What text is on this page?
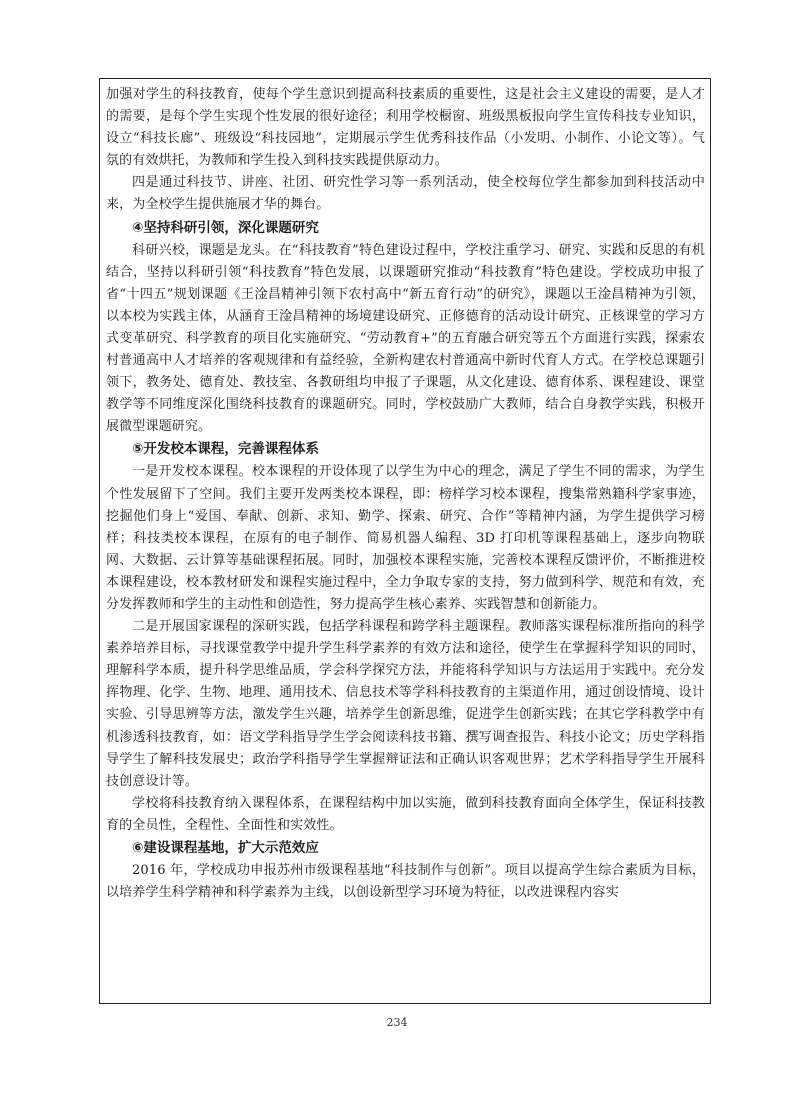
加强对学生的科技教育，使每个学生意识到提高科技素质的重要性，这是社会主义建设的需要，是人才的需要，是每个学生实现个性发展的很好途径；利用学校橱窗、班级黑板报向学生宣传科技专业知识，设立“科技长廊”、班级设“科技园地”，定期展示学生优秀科技作品（小发明、小制作、小论文等）。气氛的有效烘托，为教师和学生投入到科技实践提供原动力。

四是通过科技节、讲座、社团、研究性学习等一系列活动，使全校每位学生都参加到科技活动中来，为全校学生提供施展才华的舞台。

④坚持科研引领，深化课题研究

科研兴校，课题是龙头。在“科技教育”特色建设过程中，学校注重学习、研究、实践和反思的有机结合，坚持以科研引领“科技教育”特色发展，以课题研究推动“科技教育”特色建设。学校成功申报了省“十四五”规划课题《王淦昌精神引领下农村高中“新五育行动”的研究》，课题以王淦昌精神为引领，以本校为实践主体，从涵育王淦昌精神的场境建设研究、正修德育的活动设计研究、正核课堂的学习方式变革研究、科学教育的项目化实施研究、“劳动教育+”的五育融合研究等五个方面进行实践，探索农村普通高中人才培养的客观规律和有益经验，全新构建农村普通高中新时代育人方式。在学校总课题引领下，教务处、德育处、教技室、各教研组均申报了子课题，从文化建设、德育体系、课程建设、课堂教学等不同维度深化围绕科技教育的课题研究。同时，学校鼓励广大教师，结合自身教学实践，积极开展微型课题研究。

⑤开发校本课程，完善课程体系

一是开发校本课程。校本课程的开设体现了以学生为中心的理念，满足了学生不同的需求，为学生个性发展留下了空间。我们主要开发两类校本课程，即：榜样学习校本课程，搜集常熟籍科学家事迹，挖掘他们身上“爱国、奉献、创新、求知、勤学、探索、研究、合作”等精神内涵，为学生提供学习榜样；科技类校本课程，在原有的电子制作、简易机器人编程、3D 打印机等课程基础上，逐步向物联网、大数据、云计算等基础课程拓展。同时，加强校本课程实施，完善校本课程反馈评价，不断推进校本课程建设，校本教材研发和课程实施过程中，全力争取专家的支持，努力做到科学、规范和有效，充分发挥教师和学生的主动性和创造性，努力提高学生核心素养、实践智慧和创新能力。

二是开展国家课程的深研实践，包括学科课程和跨学科主题课程。教师落实课程标准所指向的科学素养培养目标，寻找课堂教学中提升学生科学素养的有效方法和途径，使学生在掌握科学知识的同时，理解科学本质，提升科学思维品质，学会科学探究方法，并能将科学知识与方法运用于实践中。充分发挥物理、化学、生物、地理、通用技术、信息技术等学科科技教育的主渠道作用，通过创设情境、设计实验、引导思辨等方法，激发学生兴趣，培养学生创新思维，促进学生创新实践；在其它学科教学中有机渗透科技教育，如：语文学科指导学生学会阅读科技书籍、撰写调查报告、科技小论文；历史学科指导学生了解科技发展史；政治学科指导学生掌握辩证法和正确认识客观世界；艺术学科指导学生开展科技创意设计等。

学校将科技教育纳入课程体系，在课程结构中加以实施，做到科技教育面向全体学生，保证科技教育的全员性，全程性、全面性和实效性。

⑥建设课程基地，扩大示范效应

2016 年，学校成功申报苏州市级课程基地“科技制作与创新”。项目以提高学生综合素质为目标，以培养学生科学精神和科学素养为主线，以创设新型学习环境为特征，以改进课程内容实

234
